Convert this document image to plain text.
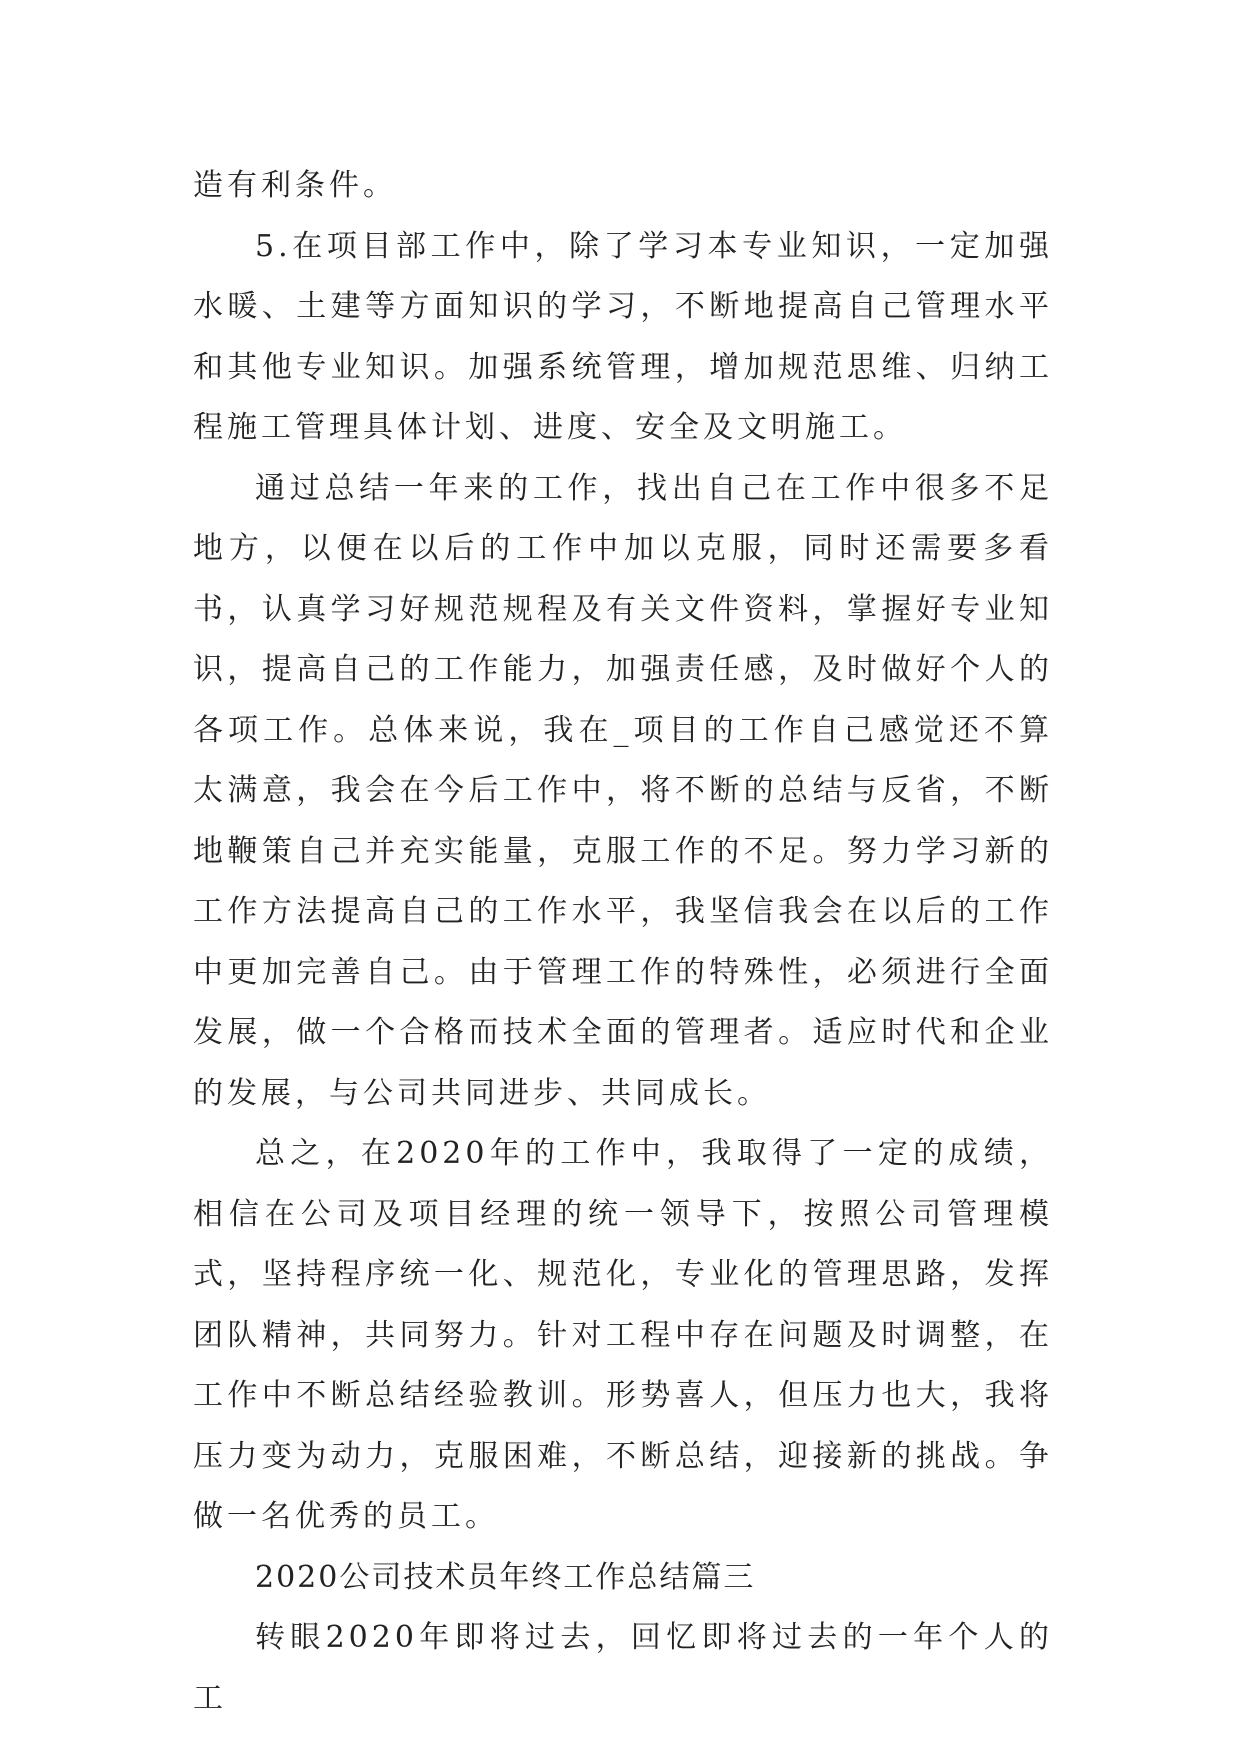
造有利条件。

5.在项目部工作中，除了学习本专业知识，一定加强水暖、土建等方面知识的学习，不断地提高自己管理水平和其他专业知识。加强系统管理，增加规范思维、归纳工程施工管理具体计划、进度、安全及文明施工。

通过总结一年来的工作，找出自己在工作中很多不足地方，以便在以后的工作中加以克服，同时还需要多看书，认真学习好规范规程及有关文件资料，掌握好专业知识，提高自己的工作能力，加强责任感，及时做好个人的各项工作。总体来说，我在_项目的工作自己感觉还不算太满意，我会在今后工作中，将不断的总结与反省，不断地鞭策自己并充实能量，克服工作的不足。努力学习新的工作方法提高自己的工作水平，我坚信我会在以后的工作中更加完善自己。由于管理工作的特殊性，必须进行全面发展，做一个合格而技术全面的管理者。适应时代和企业的发展，与公司共同进步、共同成长。

总之，在2020年的工作中，我取得了一定的成绩，相信在公司及项目经理的统一领导下，按照公司管理模式，坚持程序统一化、规范化，专业化的管理思路，发挥团队精神，共同努力。针对工程中存在问题及时调整，在工作中不断总结经验教训。形势喜人，但压力也大，我将压力变为动力，克服困难，不断总结，迎接新的挑战。争做一名优秀的员工。

2020公司技术员年终工作总结篇三

转眼2020年即将过去，回忆即将过去的一年个人的工
